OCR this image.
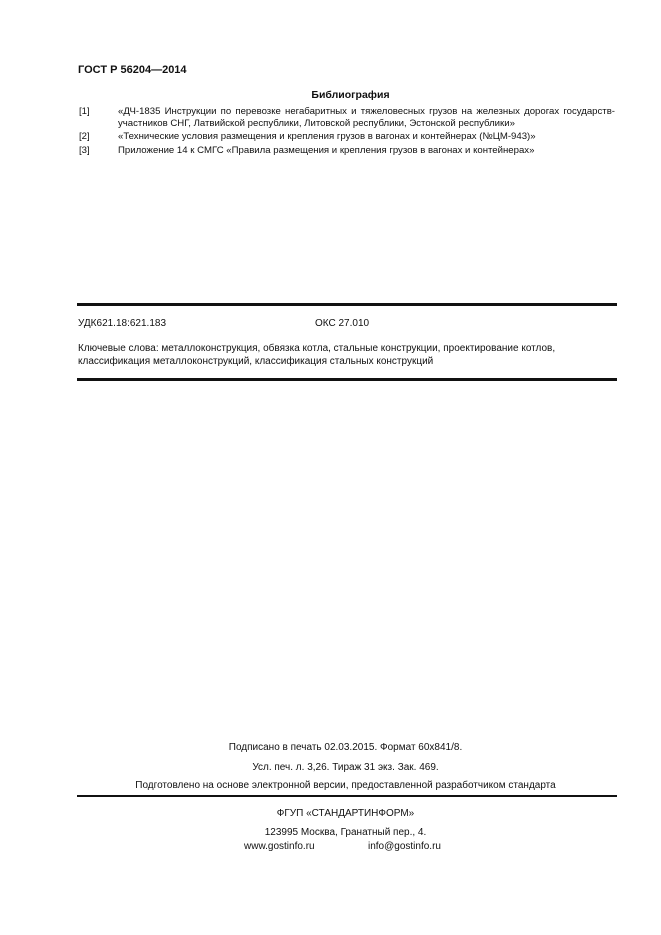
ГОСТ Р 56204—2014
Библиография
[1]	«ДЧ-1835 Инструкции по перевозке негабаритных и тяжеловесных грузов на железных дорогах государств-участников СНГ, Латвийской республики, Литовской республики, Эстонской республики»
[2]	«Технические условия размещения и крепления грузов в вагонах и контейнерах (№ЦМ-943)»
[3]	Приложение 14 к СМГС «Правила размещения и крепления грузов в вагонах и контейнерах»
УДК621.18:621.183	ОКС 27.010
Ключевые слова: металлоконструкция, обвязка котла, стальные конструкции, проектирование котлов, классификация металлоконструкций, классификация стальных конструкций
Подписано в печать 02.03.2015. Формат 60x841/8.
Усл. печ. л. 3,26. Тираж 31 экз. Зак. 469.
Подготовлено на основе электронной версии, предоставленной разработчиком стандарта
ФГУП «СТАНДАРТИНФОРМ»
123995 Москва, Гранатный пер., 4.
www.gostinfo.ru	info@gostinfo.ru
